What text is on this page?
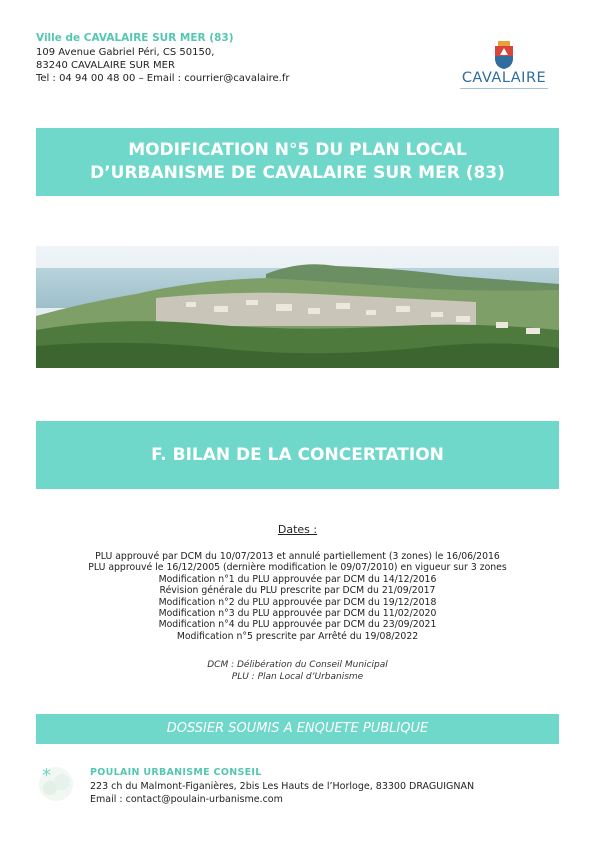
Ville de CAVALAIRE SUR MER (83)
109 Avenue Gabriel Péri, CS 50150,
83240 CAVALAIRE SUR MER
Tel : 04 94 00 48 00 – Email : courrier@cavalaire.fr	CAVALAIRE
MODIFICATION N°5 DU PLAN LOCAL
D’URBANISME DE CAVALAIRE SUR MER (83)
F. BILAN DE LA CONCERTATION
Dates :
PLU approuvé par DCM du 10/07/2013 et annulé partiellement (3 zones) le 16/06/2016
PLU approuvé le 16/12/2005 (dernière modification le 09/07/2010) en vigueur sur 3 zones
Modification n°1 du PLU approuvée par DCM du 14/12/2016
Révision générale du PLU prescrite par DCM du 21/09/2017
Modification n°2 du PLU approuvée par DCM du 19/12/2018
Modification n°3 du PLU approuvée par DCM du 11/02/2020
Modification n°4 du PLU approuvée par DCM du 23/09/2021
Modification n°5 prescrite par Arrêté du 19/08/2022
DCM : Délibération du Conseil Municipal
PLU : Plan Local d’Urbanisme
DOSSIER SOUMIS A ENQUETE PUBLIQUE
*	POULAIN URBANISME CONSEIL
223 ch du Malmont-Figanières, 2bis Les Hauts de l’Horloge, 83300 DRAGUIGNAN
Email : contact@poulain-urbanisme.com
